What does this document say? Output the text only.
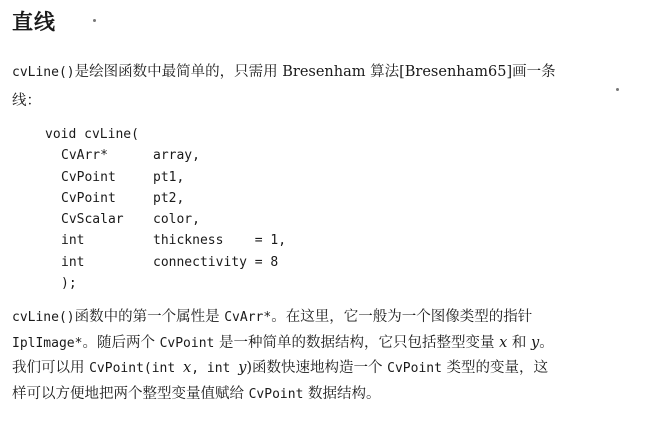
直线
cvLine()是绘图函数中最简单的，只需用 Bresenham 算法[Bresenham65]画一条
线：
void cvLine(
CvArr*	array,
CvPoint	pt1,
CvPoint	pt2,
CvScalar color,
int	thickness    = 1,
int	connectivity = 8
);
cvLine()函数中的第一个属性是 CvArr*。在这里，它一般为一个图像类型的指针
IplImage*。随后两个 CvPoint 是一种简单的数据结构，它只包括整型变量 x 和 y。
我们可以用 CvPoint(int x, int y)函数快速地构造一个 CvPoint 类型的变量，这
样可以方便地把两个整型变量值赋给 CvPoint 数据结构。
